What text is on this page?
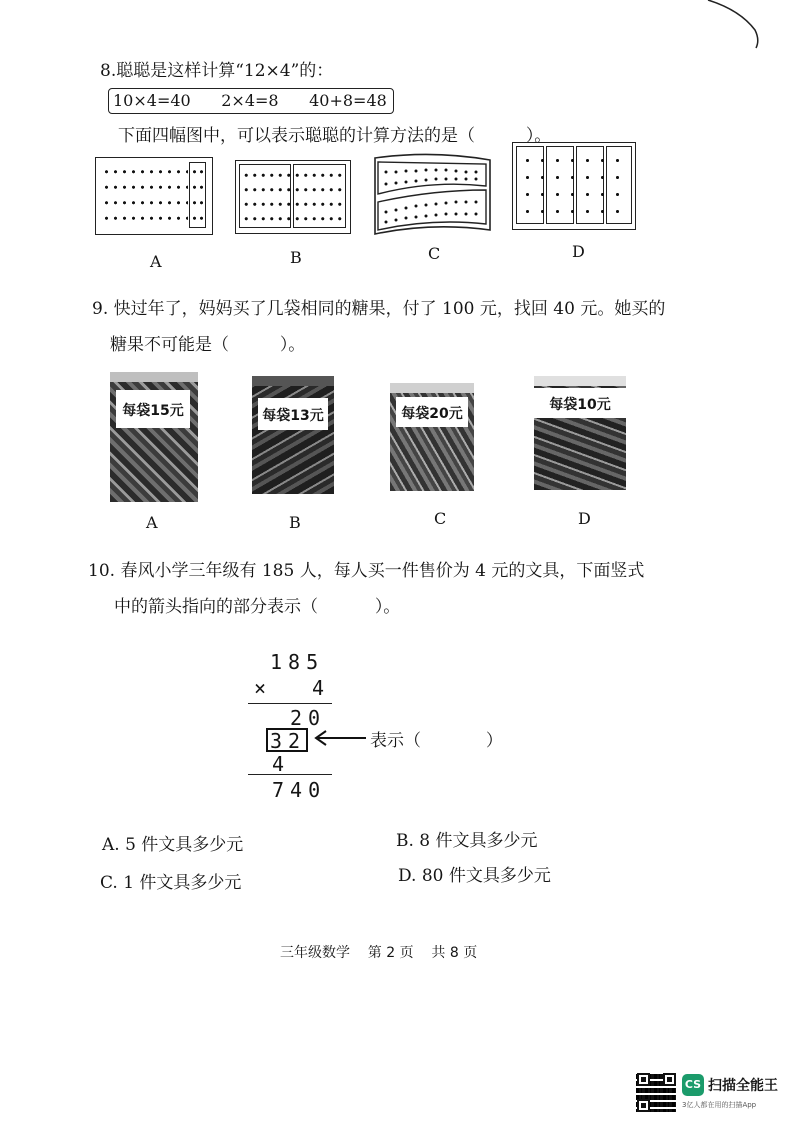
8.聪聪是这样计算“12×4”的：
10×4=40      2×4=8      40+8=48
下面四幅图中，可以表示聪聪的计算方法的是（	）。
A	B	C	D
9. 快过年了，妈妈买了几袋相同的糖果，付了 100 元，找回 40 元。她买的
糖果不可能是（	）。
每袋15元
A
每袋13元
B
每袋20元
C
每袋10元
D
10. 春风小学三年级有 185 人，每人买一件售价为 4 元的文具，下面竖式
中的箭头指向的部分表示（	）。
185
× 4
20
32
4
740
表示（	）
A. 5 件文具多少元	B. 8 件文具多少元
C. 1 件文具多少元	D. 80 件文具多少元
三年级数学    第 2 页    共 8 页
CS 扫描全能王
3亿人都在用的扫描App
